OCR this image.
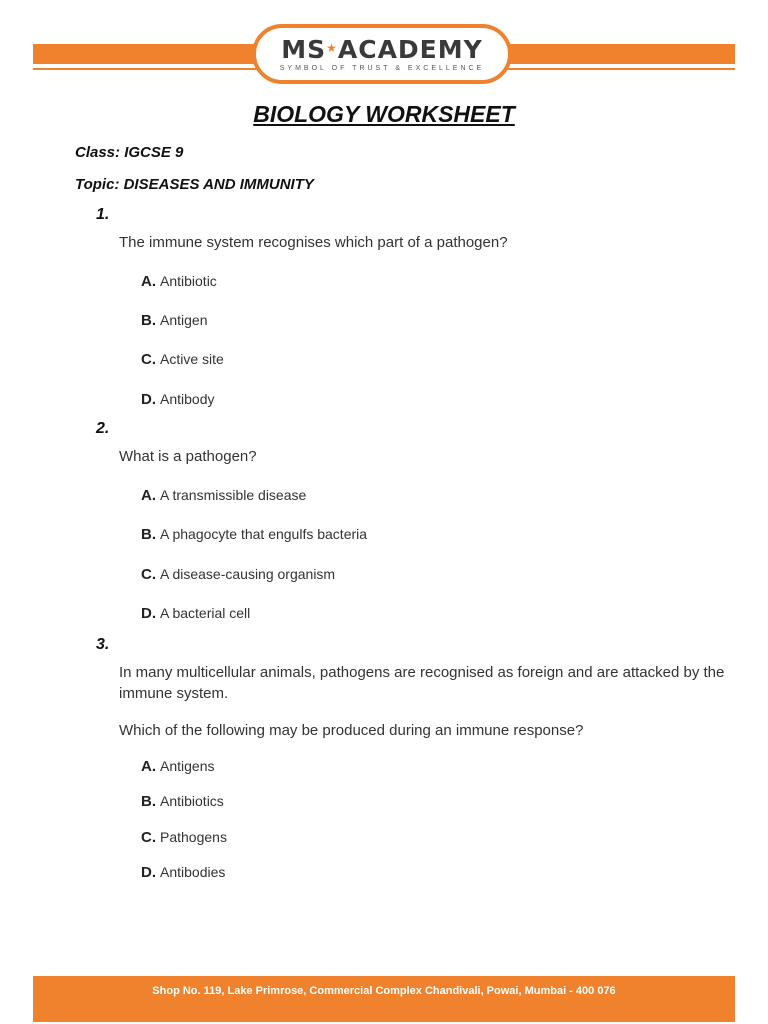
MS★ACADEMY
SYMBOL OF TRUST & EXCELLENCE
BIOLOGY WORKSHEET
Class: IGCSE 9
Topic: DISEASES AND IMMUNITY
1.
The immune system recognises which part of a pathogen?
A. Antibiotic
B. Antigen
C. Active site
D. Antibody
2.
What is a pathogen?
A. A transmissible disease
B. A phagocyte that engulfs bacteria
C. A disease-causing organism
D. A bacterial cell
3.
In many multicellular animals, pathogens are recognised as foreign and are attacked by the immune system.
Which of the following may be produced during an immune response?
A. Antigens
B. Antibiotics
C. Pathogens
D. Antibodies
Shop No. 119, Lake Primrose, Commercial Complex Chandivali, Powai, Mumbai - 400 076
